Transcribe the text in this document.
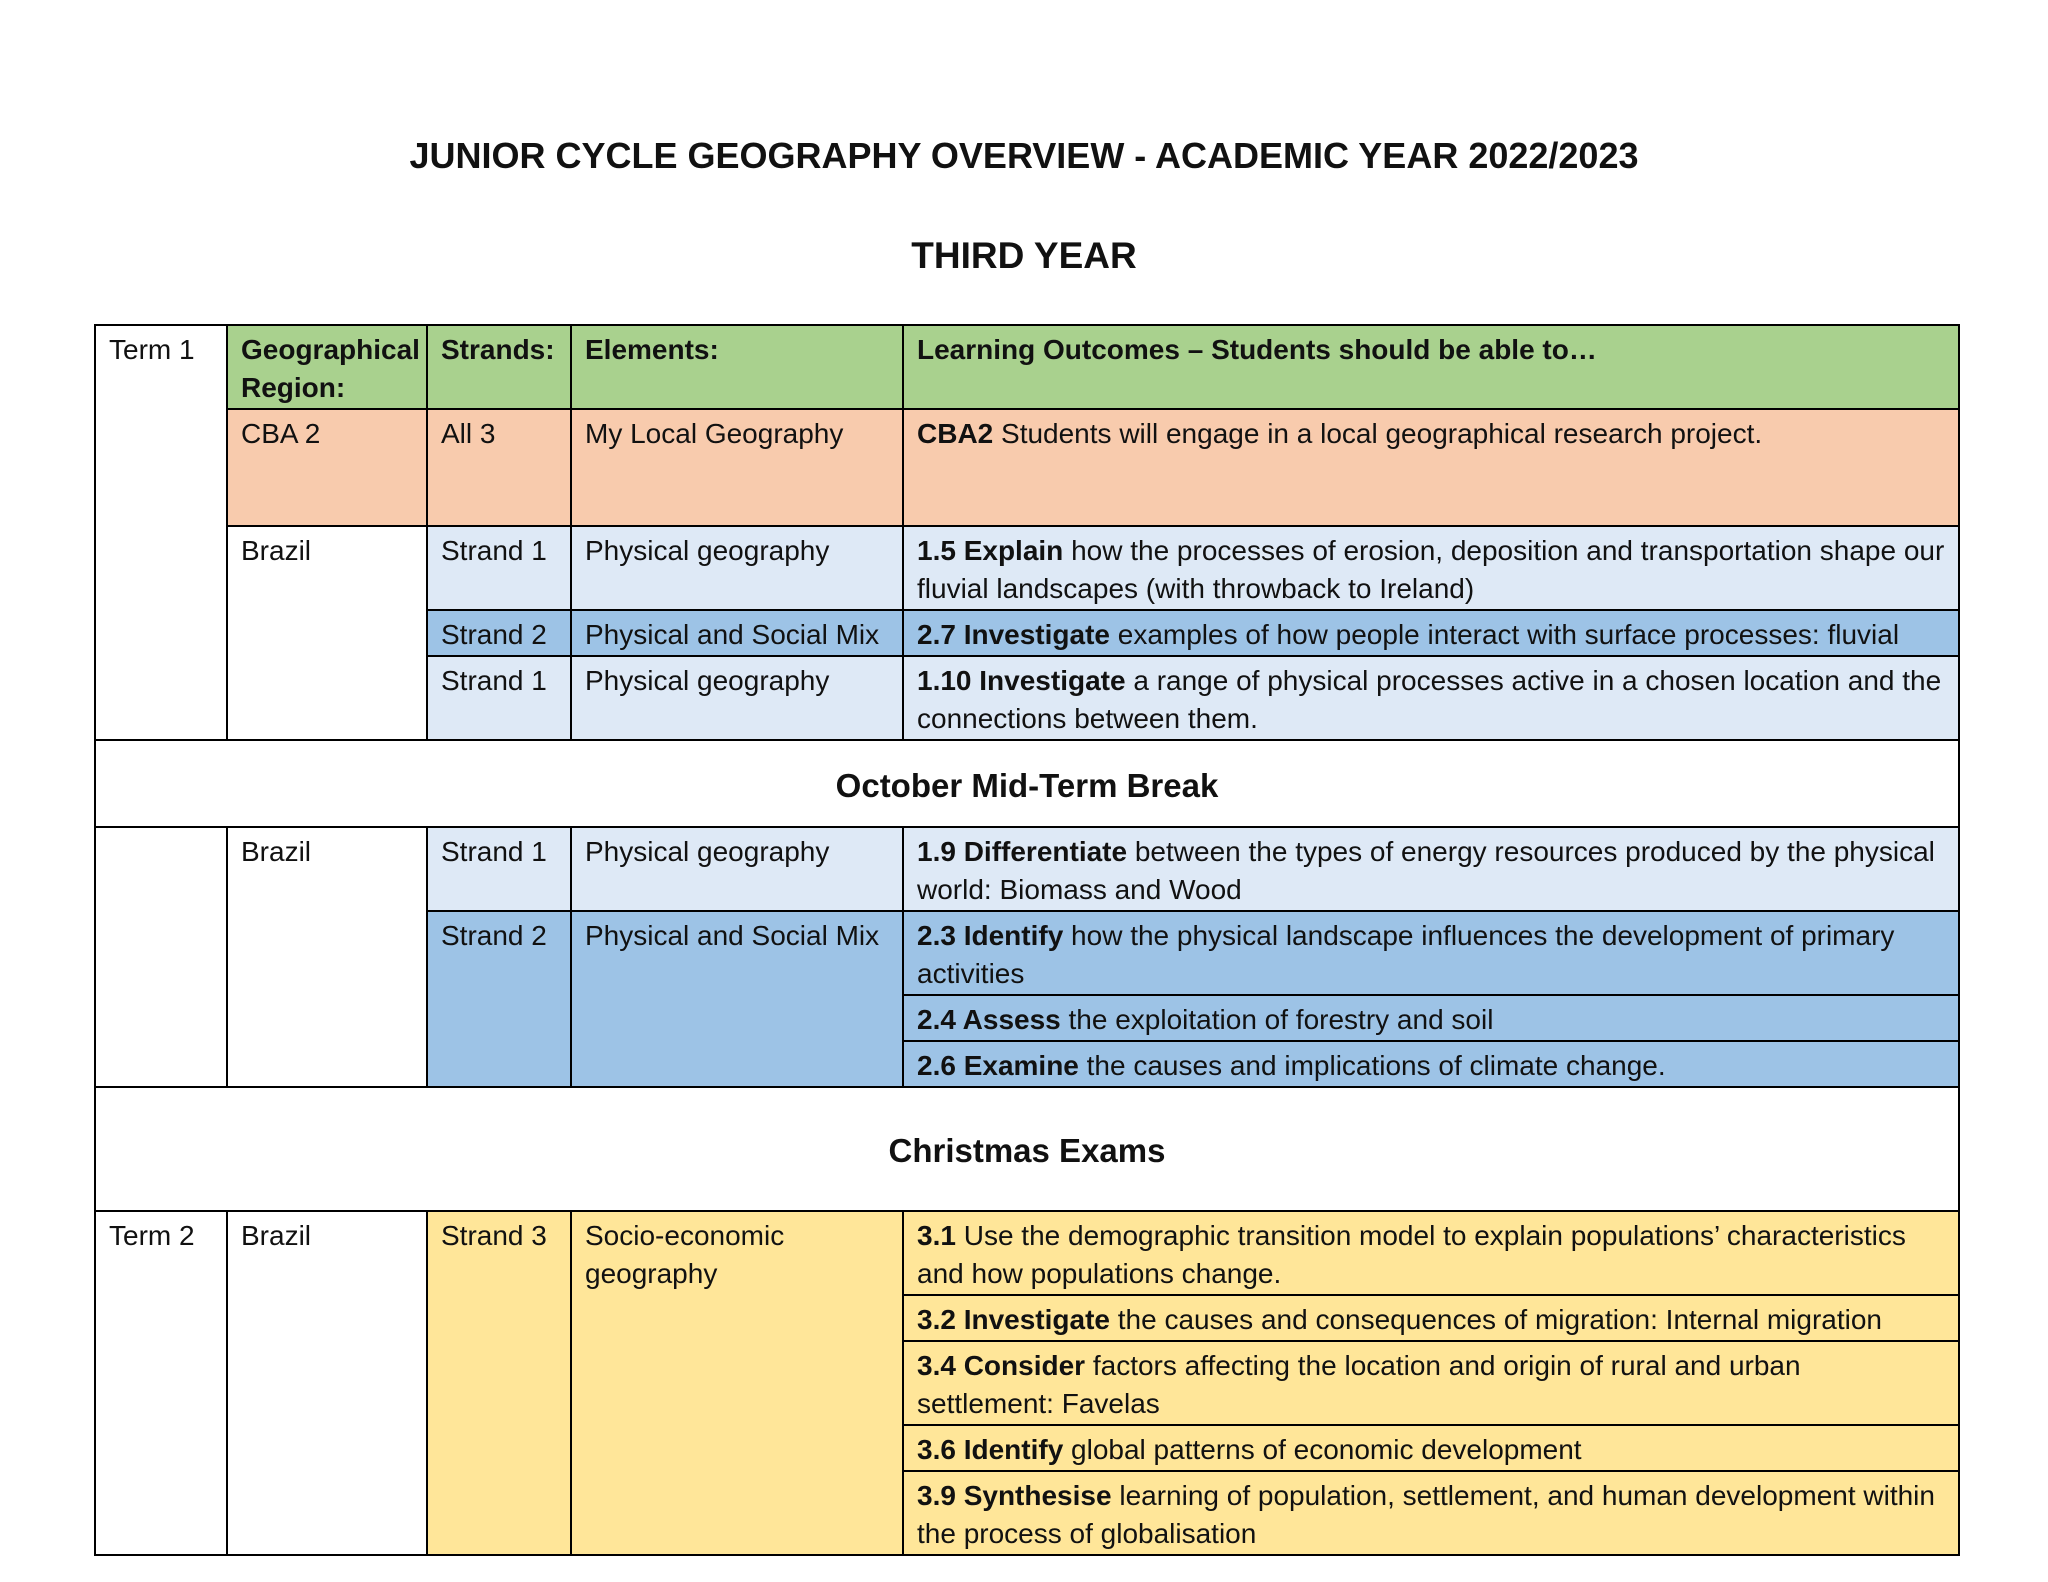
JUNIOR CYCLE GEOGRAPHY OVERVIEW - ACADEMIC YEAR 2022/2023
THIRD YEAR
Term 1	Geographical Region:	Strands:	Elements:	Learning Outcomes – Students should be able to…
	CBA 2	All 3	My Local Geography	CBA2 Students will engage in a local geographical research project.
	Brazil	Strand 1	Physical geography	1.5 Explain how the processes of erosion, deposition and transportation shape our fluvial landscapes (with throwback to Ireland)
		Strand 2	Physical and Social Mix	2.7 Investigate examples of how people interact with surface processes: fluvial
		Strand 1	Physical geography	1.10 Investigate a range of physical processes active in a chosen location and the connections between them.
October Mid-Term Break				
	Brazil	Strand 1	Physical geography	1.9 Differentiate between the types of energy resources produced by the physical world: Biomass and Wood
		Strand 2	Physical and Social Mix	2.3 Identify how the physical landscape influences the development of primary activities
				2.4 Assess the exploitation of forestry and soil
				2.6 Examine the causes and implications of climate change.
Christmas Exams				
Term 2	Brazil	Strand 3	Socio-economic geography	3.1 Use the demographic transition model to explain populations’ characteristics and how populations change.
				3.2 Investigate the causes and consequences of migration: Internal migration
				3.4 Consider factors affecting the location and origin of rural and urban settlement: Favelas
				3.6 Identify global patterns of economic development
				3.9 Synthesise learning of population, settlement, and human development within the process of globalisation
